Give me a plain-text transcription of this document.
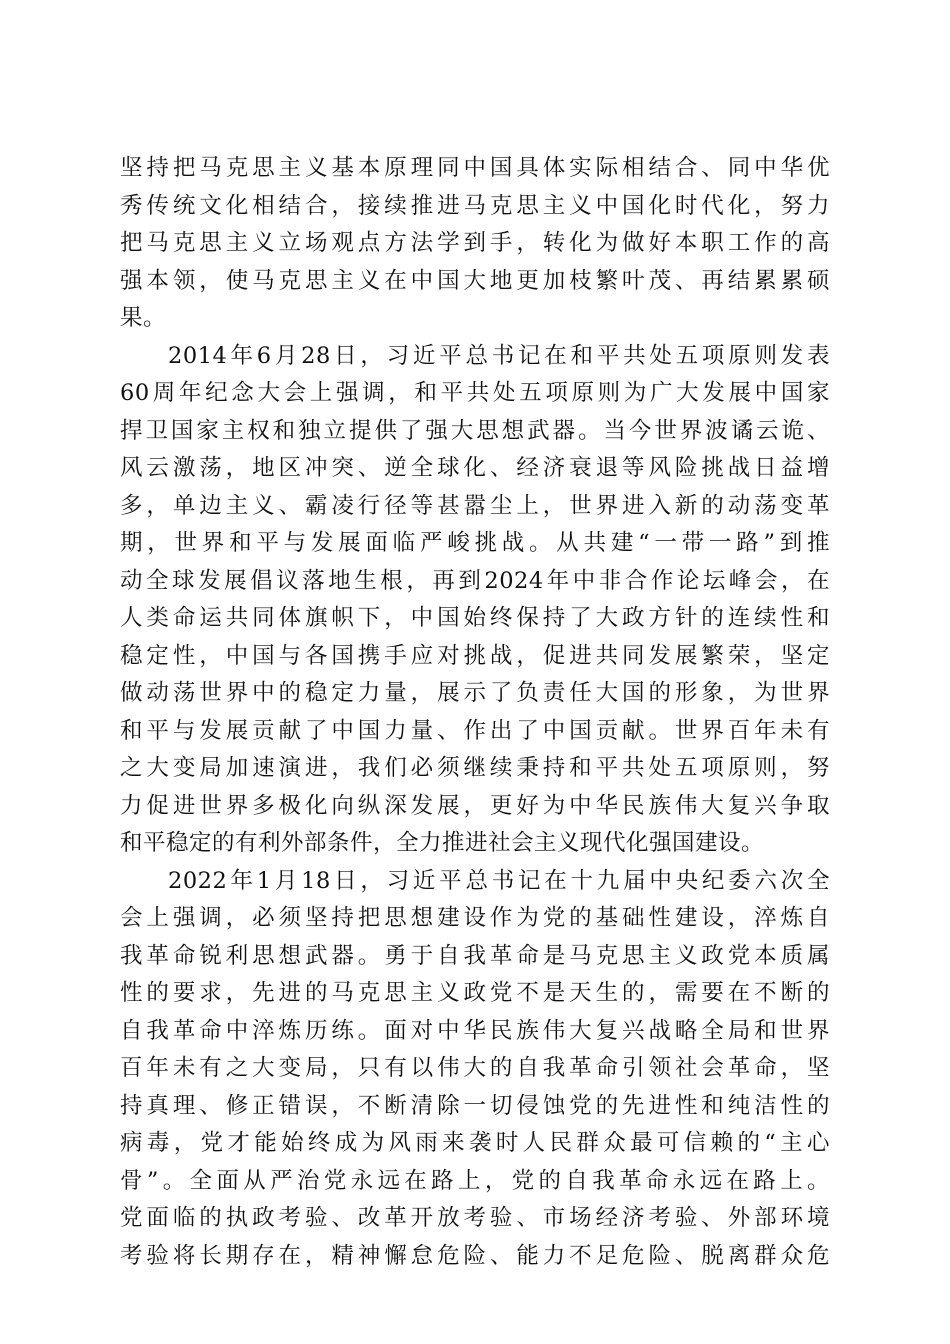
坚持把马克思主义基本原理同中国具体实际相结合、同中华优
秀传统文化相结合，接续推进马克思主义中国化时代化，努力
把马克思主义立场观点方法学到手，转化为做好本职工作的高
强本领，使马克思主义在中国大地更加枝繁叶茂、再结累累硕
果。
2014年6月28日，习近平总书记在和平共处五项原则发表
60周年纪念大会上强调，和平共处五项原则为广大发展中国家
捍卫国家主权和独立提供了强大思想武器。当今世界波谲云诡、
风云激荡，地区冲突、逆全球化、经济衰退等风险挑战日益增
多，单边主义、霸凌行径等甚嚣尘上，世界进入新的动荡变革
期，世界和平与发展面临严峻挑战。从共建“一带一路”到推
动全球发展倡议落地生根，再到2024年中非合作论坛峰会，在
人类命运共同体旗帜下，中国始终保持了大政方针的连续性和
稳定性，中国与各国携手应对挑战，促进共同发展繁荣，坚定
做动荡世界中的稳定力量，展示了负责任大国的形象，为世界
和平与发展贡献了中国力量、作出了中国贡献。世界百年未有
之大变局加速演进，我们必须继续秉持和平共处五项原则，努
力促进世界多极化向纵深发展，更好为中华民族伟大复兴争取
和平稳定的有利外部条件，全力推进社会主义现代化强国建设。
2022年1月18日，习近平总书记在十九届中央纪委六次全
会上强调，必须坚持把思想建设作为党的基础性建设，淬炼自
我革命锐利思想武器。勇于自我革命是马克思主义政党本质属
性的要求，先进的马克思主义政党不是天生的，需要在不断的
自我革命中淬炼历练。面对中华民族伟大复兴战略全局和世界
百年未有之大变局，只有以伟大的自我革命引领社会革命，坚
持真理、修正错误，不断清除一切侵蚀党的先进性和纯洁性的
病毒，党才能始终成为风雨来袭时人民群众最可信赖的“主心
骨”。全面从严治党永远在路上，党的自我革命永远在路上。
党面临的执政考验、改革开放考验、市场经济考验、外部环境
考验将长期存在，精神懈怠危险、能力不足危险、脱离群众危
